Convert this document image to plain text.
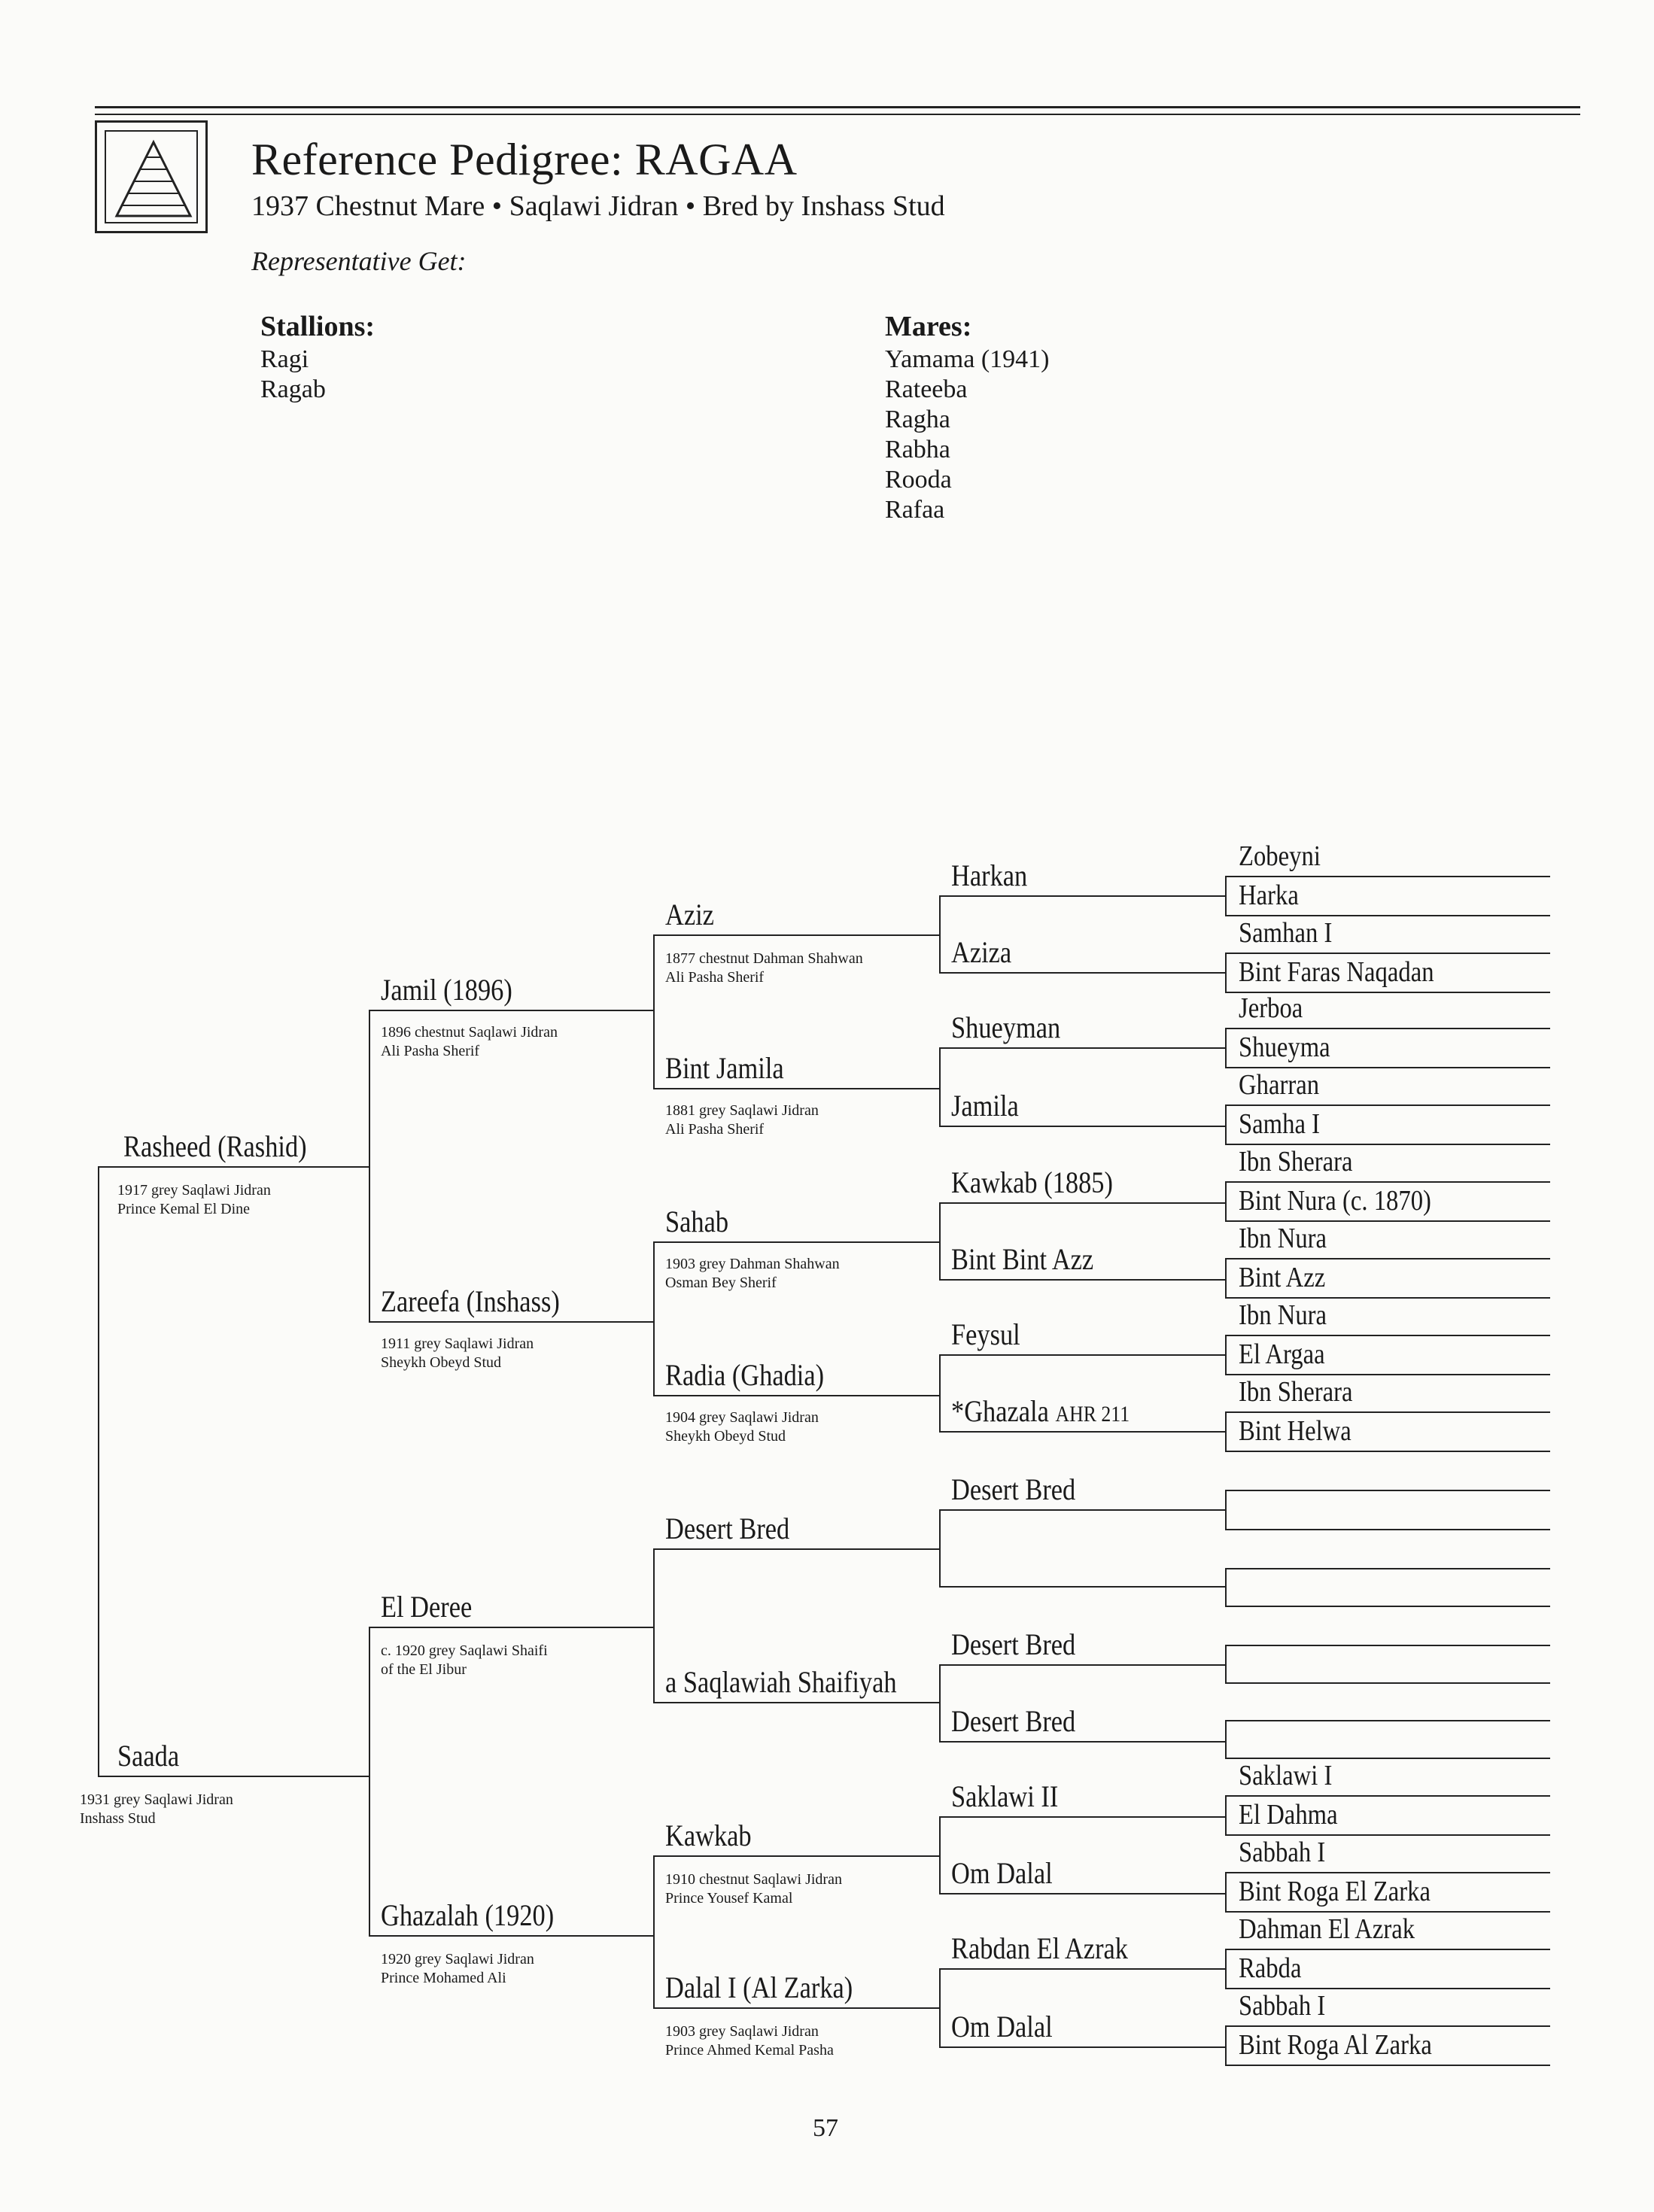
Reference Pedigree: RAGAA
1937 Chestnut Mare • Saqlawi Jidran • Bred by Inshass Stud
Representative Get:
Stallions:
Ragi
Ragab
Mares:
Yamama (1941)
Rateeba
Ragha
Rabha
Rooda
Rafaa
Rasheed (Rashid)
1917 grey Saqlawi Jidran
Prince Kemal El Dine
Saada
1931 grey Saqlawi Jidran
Inshass Stud
Jamil (1896)
1896 chestnut Saqlawi Jidran
Ali Pasha Sherif
Zareefa (Inshass)
1911 grey Saqlawi Jidran
Sheykh Obeyd Stud
El Deree
c. 1920 grey Saqlawi Shaifi
of the El Jibur
Ghazalah (1920)
1920 grey Saqlawi Jidran
Prince Mohamed Ali
Aziz
1877 chestnut Dahman Shahwan
Ali Pasha Sherif
Bint Jamila
1881 grey Saqlawi Jidran
Ali Pasha Sherif
Sahab
1903 grey Dahman Shahwan
Osman Bey Sherif
Radia (Ghadia)
1904 grey Saqlawi Jidran
Sheykh Obeyd Stud
Desert Bred
a Saqlawiah Shaifiyah
Kawkab
1910 chestnut Saqlawi Jidran
Prince Yousef Kamal
Dalal I (Al Zarka)
1903 grey Saqlawi Jidran
Prince Ahmed Kemal Pasha
Harkan
Aziza
Shueyman
Jamila
Kawkab (1885)
Bint Bint Azz
Feysul
*Ghazala AHR 211
Desert Bred
Desert Bred
Desert Bred
Saklawi II
Om Dalal
Rabdan El Azrak
Om Dalal
Zobeyni
Harka
Samhan I
Bint Faras Naqadan
Jerboa
Shueyma
Gharran
Samha I
Ibn Sherara
Bint Nura (c. 1870)
Ibn Nura
Bint Azz
Ibn Nura
El Argaa
Ibn Sherara
Bint Helwa
Saklawi I
El Dahma
Sabbah I
Bint Roga El Zarka
Dahman El Azrak
Rabda
Sabbah I
Bint Roga Al Zarka
57
